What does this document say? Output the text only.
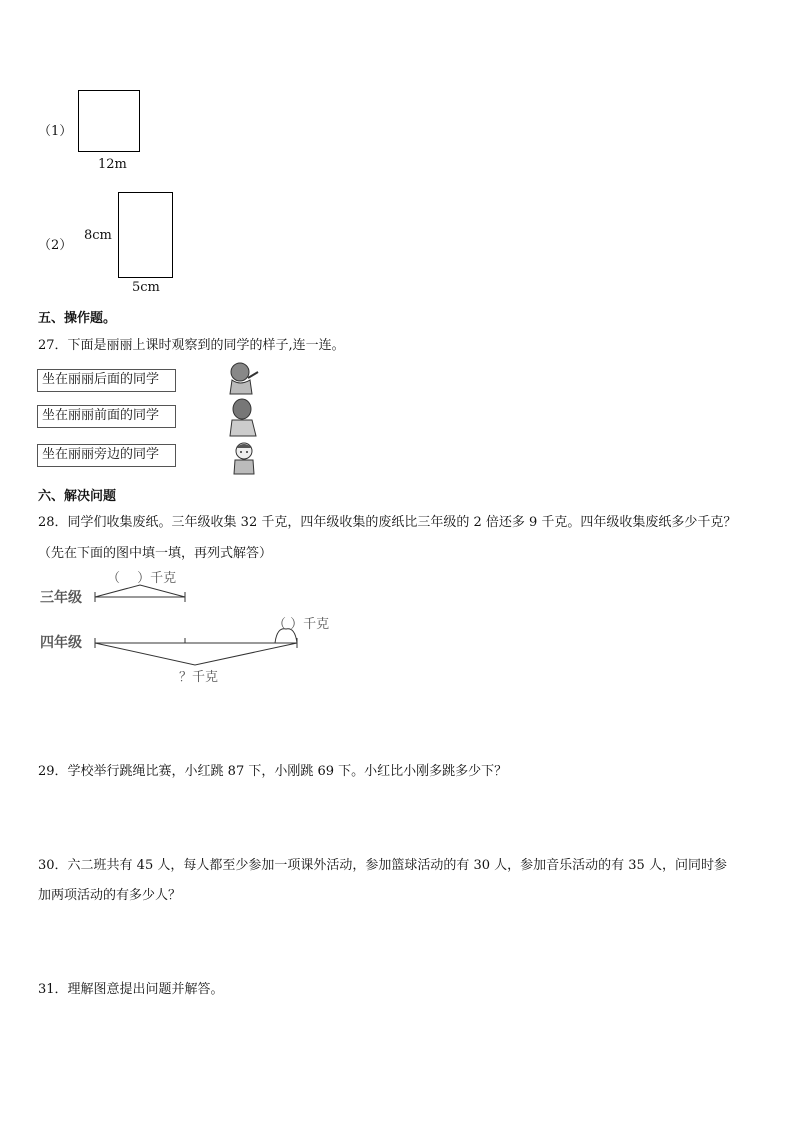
（1）
12m
（2）
8cm
5cm
五、操作题。
27．下面是丽丽上课时观察到的同学的样子,连一连。
坐在丽丽后面的同学
坐在丽丽前面的同学
坐在丽丽旁边的同学
六、解决问题
28．同学们收集废纸。三年级收集 32 千克，四年级收集的废纸比三年级的 2 倍还多 9 千克。四年级收集废纸多少千克？
（先在下面的图中填一填，再列式解答）
三年级
（　 ）千克
四年级
（ ）千克
？千克
29．学校举行跳绳比赛，小红跳 87 下，小刚跳 69 下。小红比小刚多跳多少下？
30．六二班共有 45 人，每人都至少参加一项课外活动，参加篮球活动的有 30 人，参加音乐活动的有 35 人，问同时参
加两项活动的有多少人？
31．理解图意提出问题并解答。
